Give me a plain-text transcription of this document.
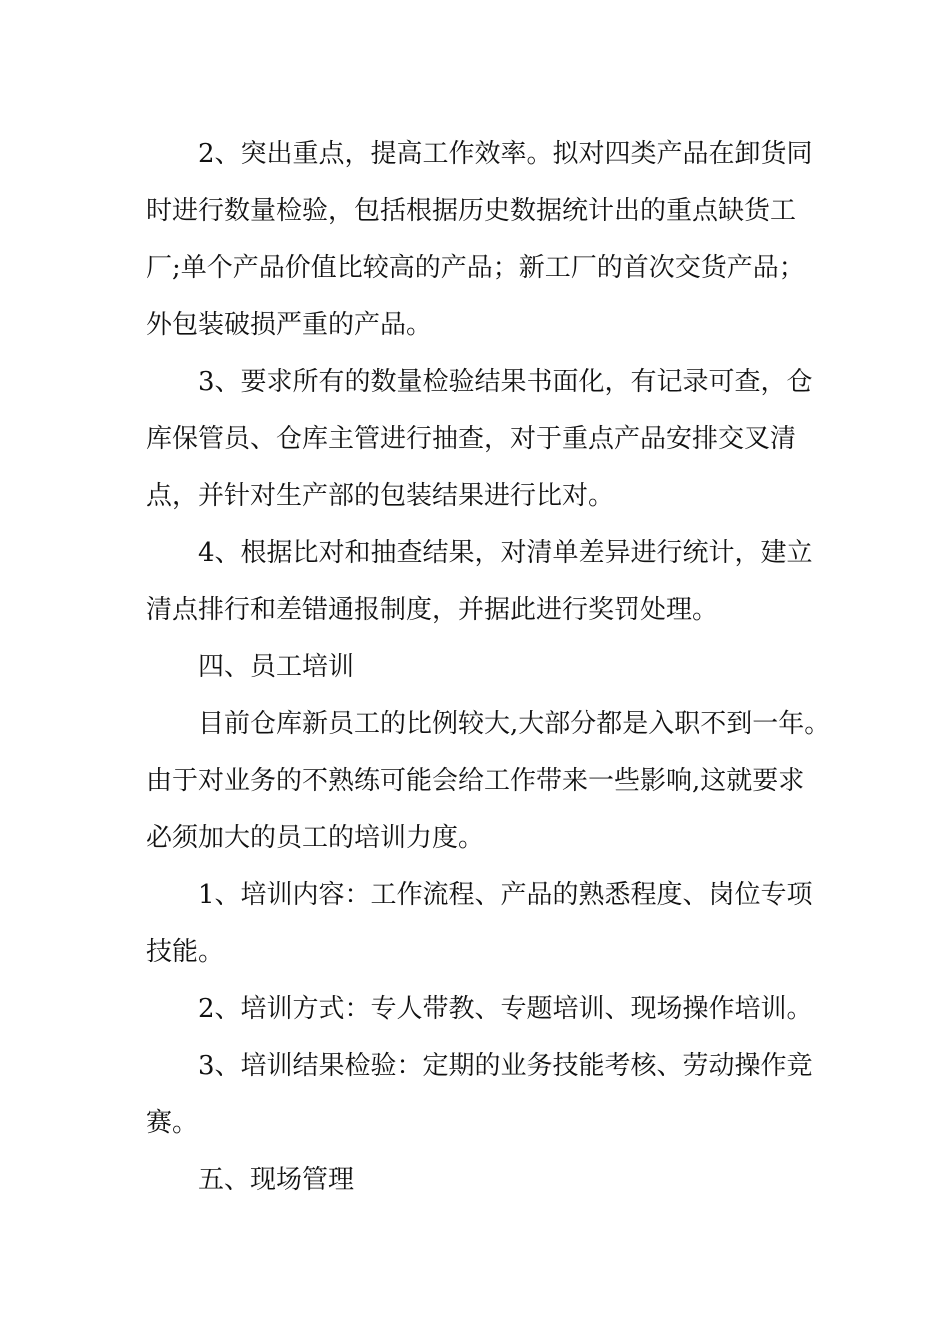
2、突出重点，提高工作效率。拟对四类产品在卸货同
时进行数量检验，包括根据历史数据统计出的重点缺货工
厂;单个产品价值比较高的产品；新工厂的首次交货产品；
外包装破损严重的产品。
3、要求所有的数量检验结果书面化，有记录可查，仓
库保管员、仓库主管进行抽查，对于重点产品安排交叉清
点，并针对生产部的包装结果进行比对。
4、根据比对和抽查结果，对清单差异进行统计，建立
清点排行和差错通报制度，并据此进行奖罚处理。
四、员工培训
目前仓库新员工的比例较大,大部分都是入职不到一年。
由于对业务的不熟练可能会给工作带来一些影响,这就要求
必须加大的员工的培训力度。
1、培训内容：工作流程、产品的熟悉程度、岗位专项
技能。
2、培训方式：专人带教、专题培训、现场操作培训。
3、培训结果检验：定期的业务技能考核、劳动操作竞
赛。
五、现场管理
